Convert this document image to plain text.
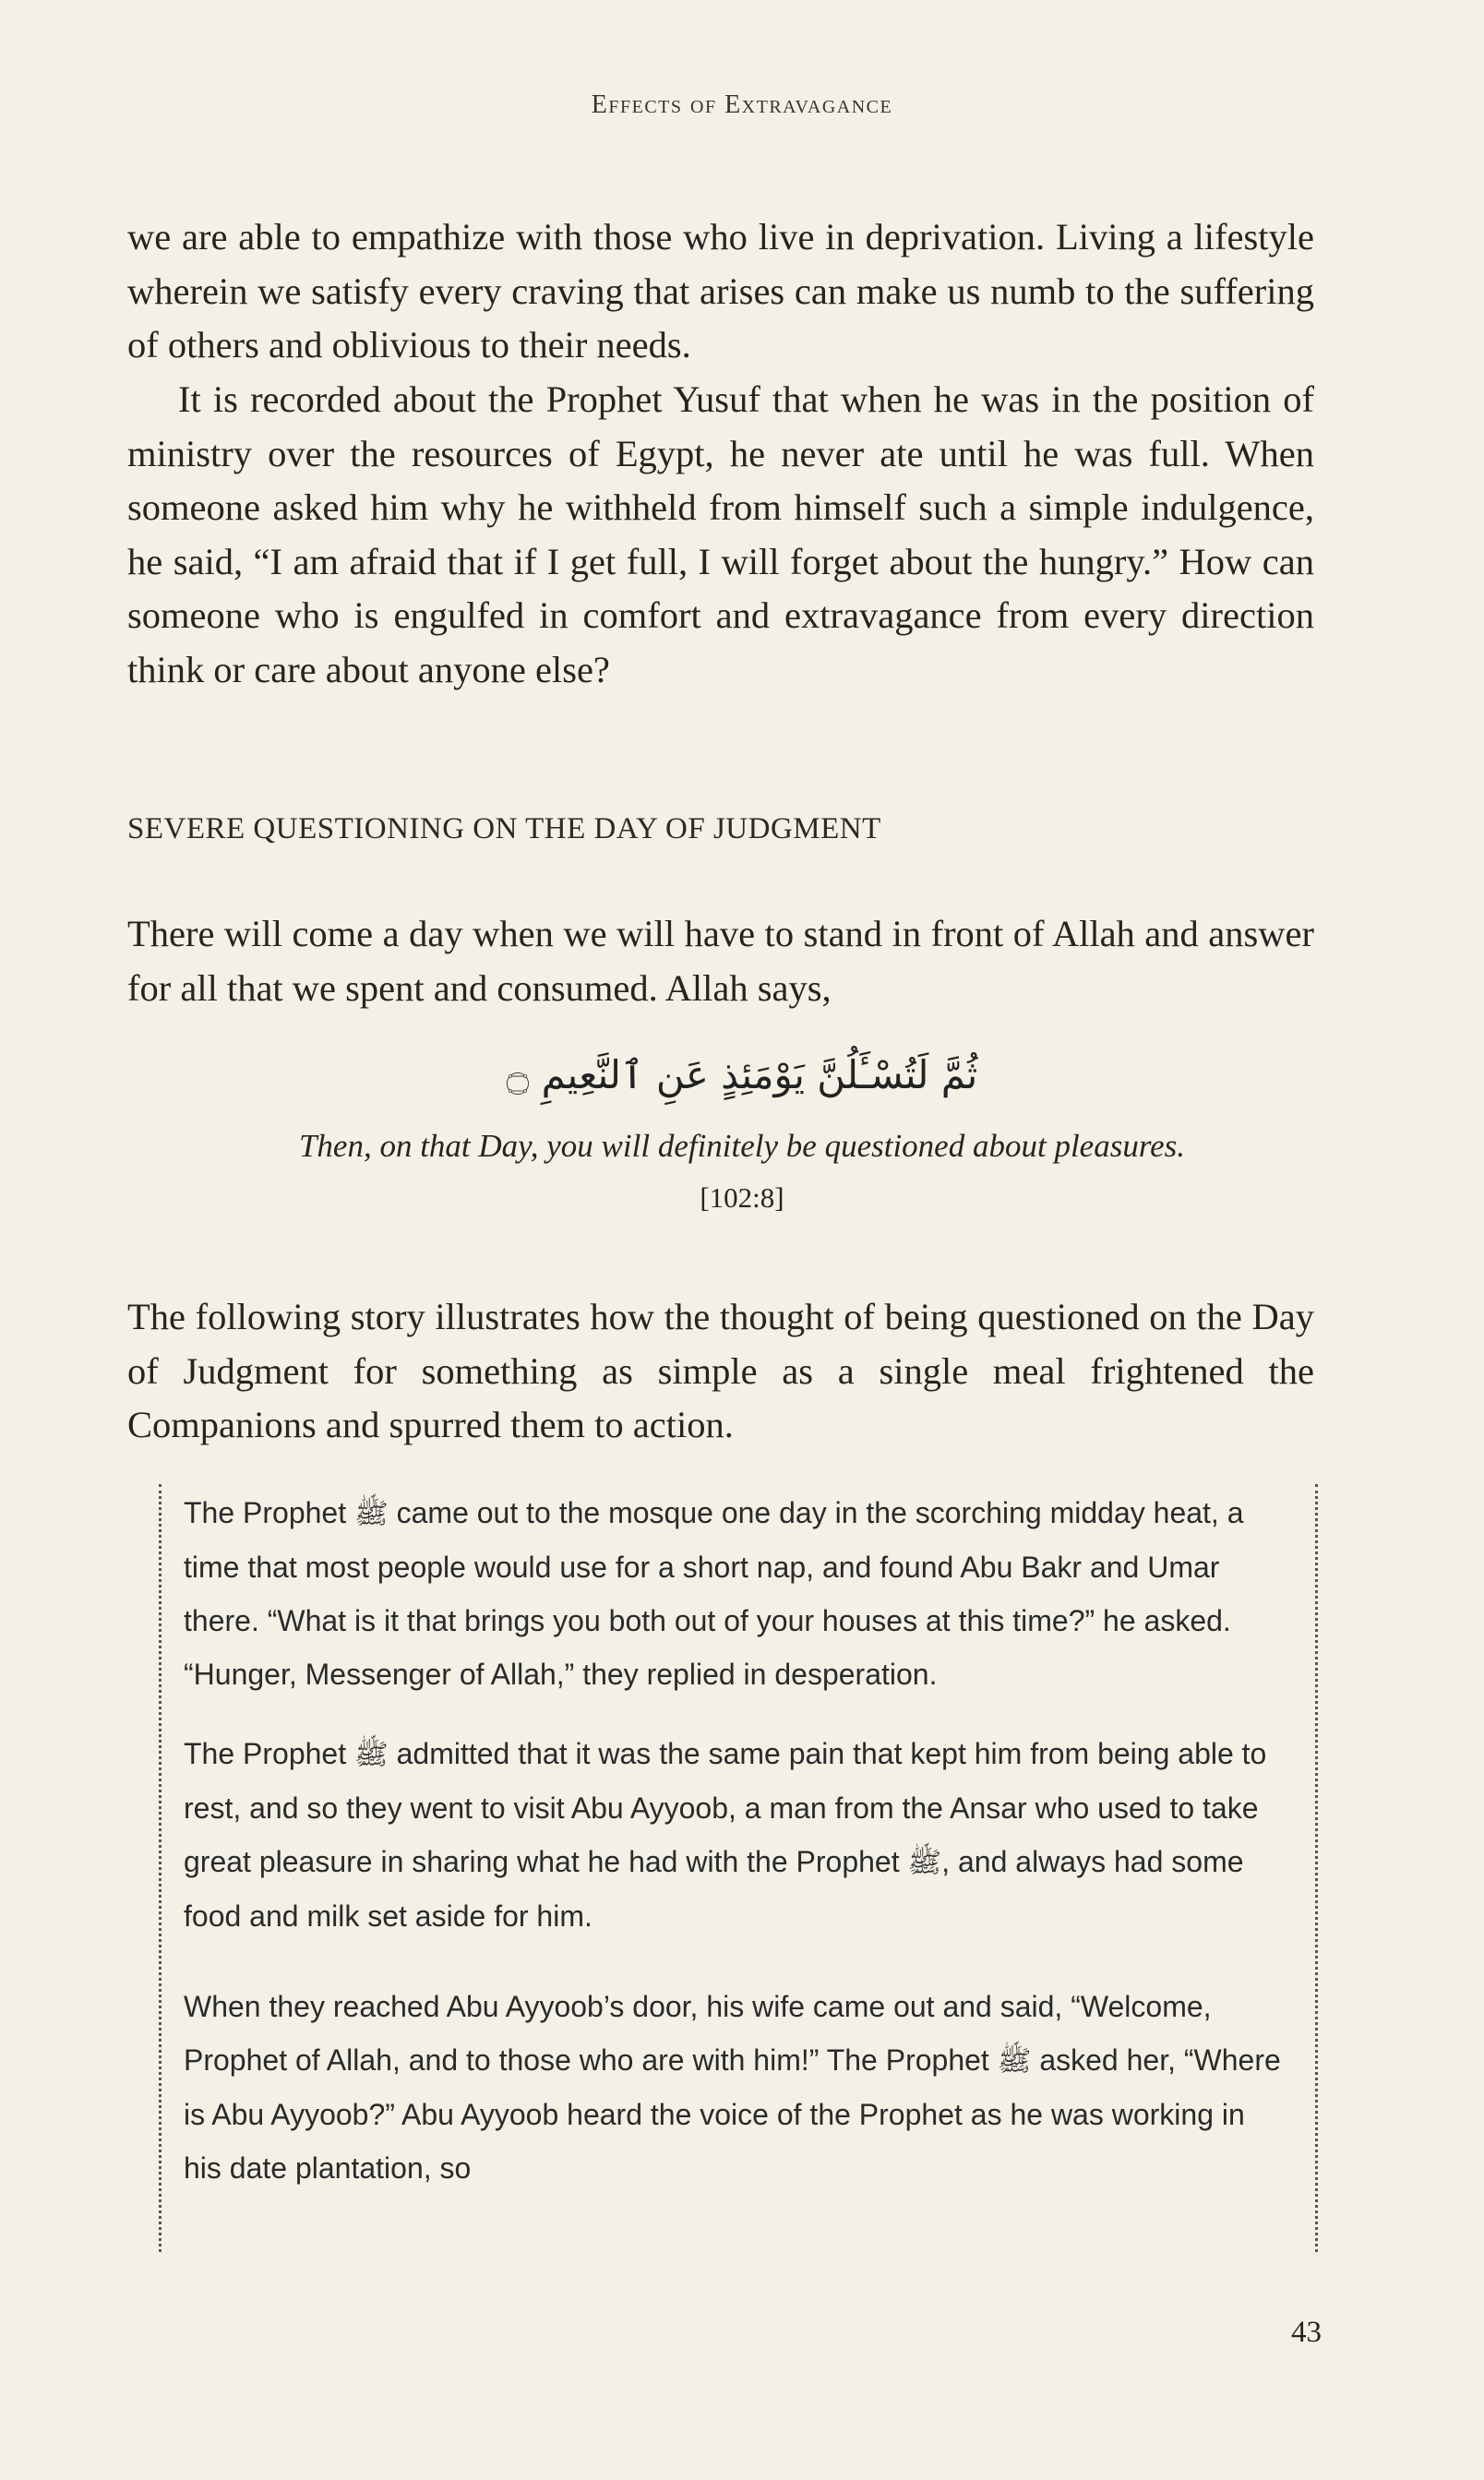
Effects of Extravagance

we are able to empathize with those who live in deprivation. Living a lifestyle wherein we satisfy every craving that arises can make us numb to the suffering of others and oblivious to their needs.

It is recorded about the Prophet Yusuf that when he was in the position of ministry over the resources of Egypt, he never ate until he was full. When someone asked him why he withheld from himself such a simple indulgence, he said, “I am afraid that if I get full, I will forget about the hungry.” How can someone who is engulfed in comfort and extravagance from every direction think or care about anyone else?

SEVERE QUESTIONING ON THE DAY OF JUDGMENT

There will come a day when we will have to stand in front of Allah and answer for all that we spent and consumed. Allah says,

ثُمَّ لَتُسْـَٔلُنَّ يَوْمَئِذٍ عَنِ ٱلنَّعِيمِ ۝
Then, on that Day, you will definitely be questioned about pleasures.
[102:8]

The following story illustrates how the thought of being questioned on the Day of Judgment for something as simple as a single meal frightened the Companions and spurred them to action.

The Prophet ﷺ came out to the mosque one day in the scorching midday heat, a time that most people would use for a short nap, and found Abu Bakr and Umar there. “What is it that brings you both out of your houses at this time?” he asked. “Hunger, Messenger of Allah,” they replied in desperation.

The Prophet ﷺ admitted that it was the same pain that kept him from being able to rest, and so they went to visit Abu Ayyoob, a man from the Ansar who used to take great pleasure in sharing what he had with the Prophet ﷺ, and always had some food and milk set aside for him.

When they reached Abu Ayyoob’s door, his wife came out and said, “Welcome, Prophet of Allah, and to those who are with him!” The Prophet ﷺ asked her, “Where is Abu Ayyoob?” Abu Ayyoob heard the voice of the Prophet as he was working in his date plantation, so

43
